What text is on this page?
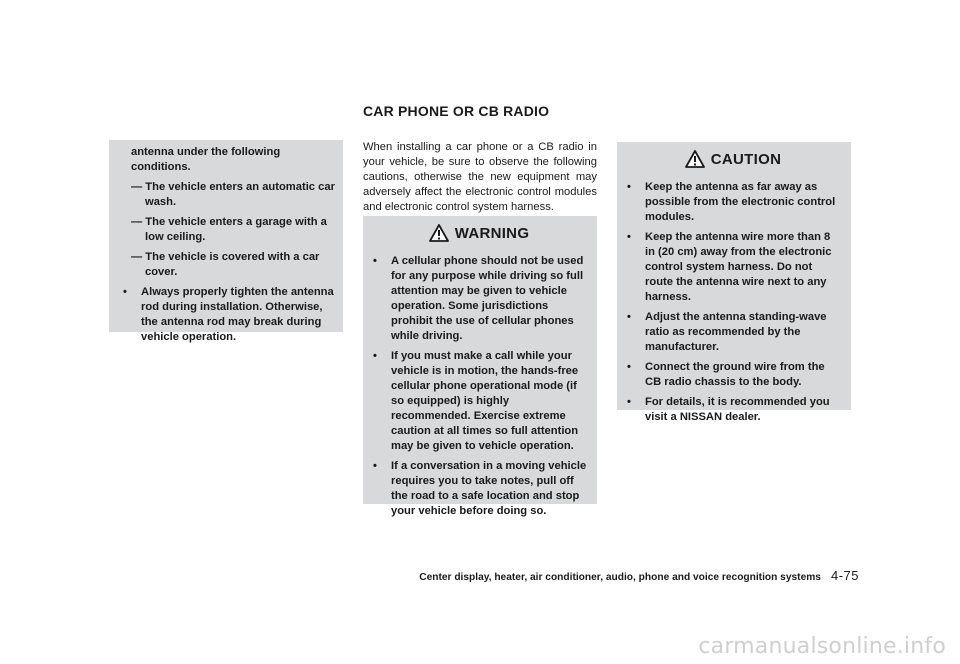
CAR PHONE OR CB RADIO
antenna under the following conditions.
— The vehicle enters an automatic car wash.
— The vehicle enters a garage with a low ceiling.
— The vehicle is covered with a car cover.
• Always properly tighten the antenna rod during installation. Otherwise, the antenna rod may break during vehicle operation.
When installing a car phone or a CB radio in your vehicle, be sure to observe the following cautions, otherwise the new equipment may adversely affect the electronic control modules and electronic control system harness.
WARNING
• A cellular phone should not be used for any purpose while driving so full attention may be given to vehicle operation. Some jurisdictions prohibit the use of cellular phones while driving.
• If you must make a call while your vehicle is in motion, the hands-free cellular phone operational mode (if so equipped) is highly recommended. Exercise extreme caution at all times so full attention may be given to vehicle operation.
• If a conversation in a moving vehicle requires you to take notes, pull off the road to a safe location and stop your vehicle before doing so.
CAUTION
• Keep the antenna as far away as possible from the electronic control modules.
• Keep the antenna wire more than 8 in (20 cm) away from the electronic control system harness. Do not route the antenna wire next to any harness.
• Adjust the antenna standing-wave ratio as recommended by the manufacturer.
• Connect the ground wire from the CB radio chassis to the body.
• For details, it is recommended you visit a NISSAN dealer.
Center display, heater, air conditioner, audio, phone and voice recognition systems 4-75
carmanualsonline.info
